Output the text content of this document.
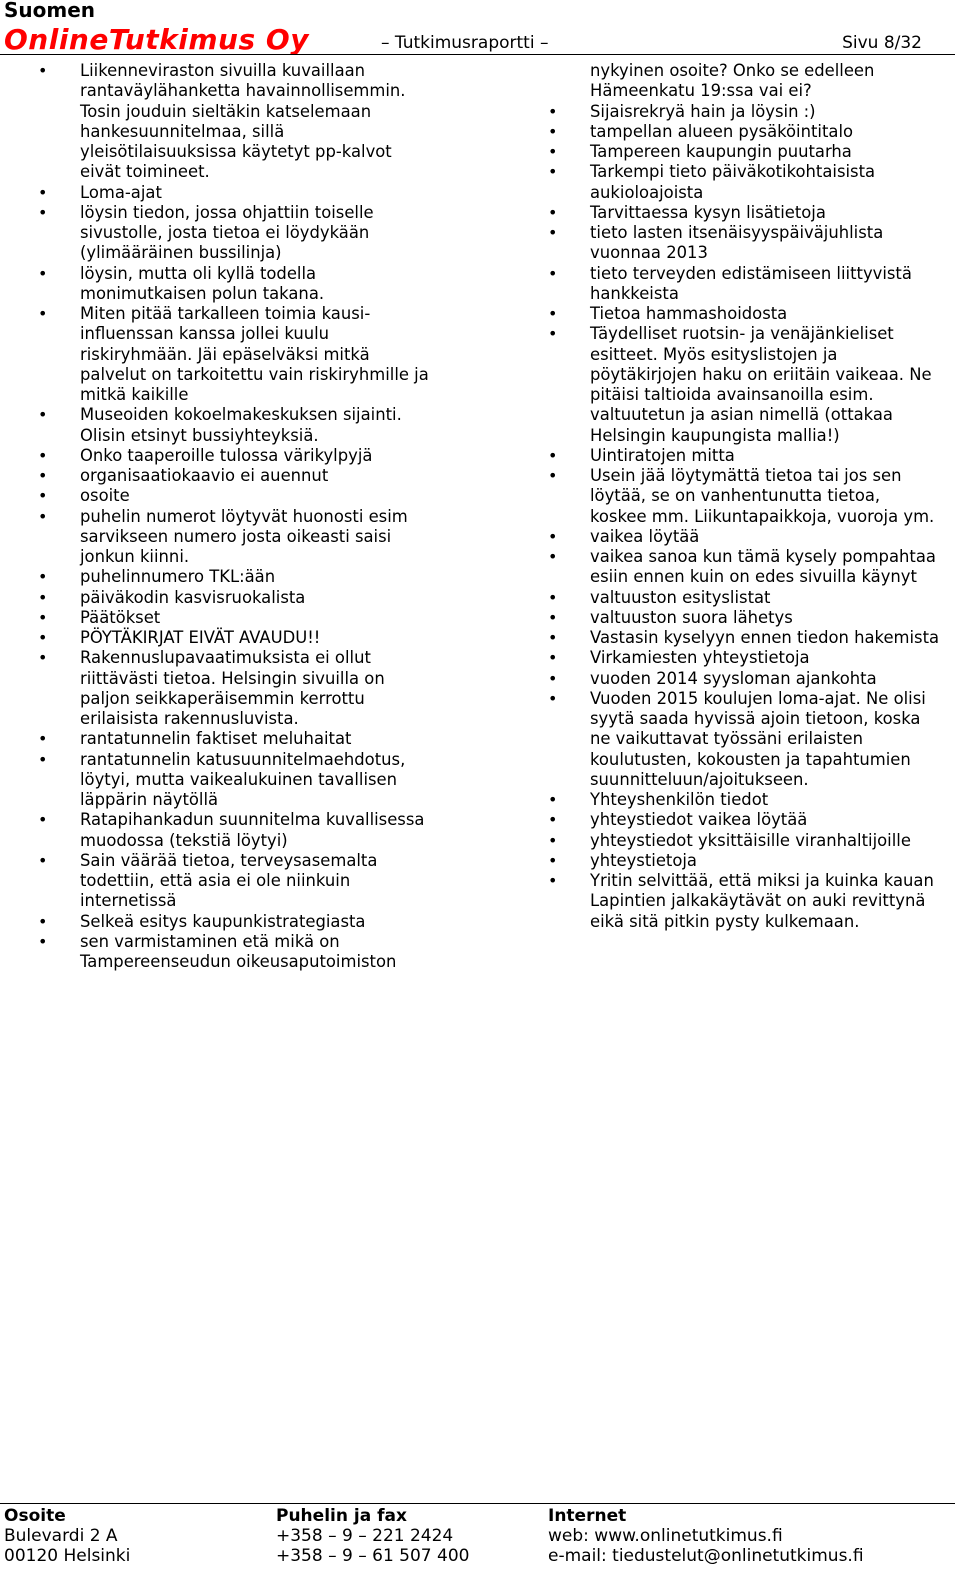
Suomen
OnlineTutkimus Oy	– Tutkimusraportti –	Sivu 8/32
• Liikenneviraston sivuilla kuvaillaan
rantaväylähanketta havainnollisemmin.
Tosin jouduin sieltäkin katselemaan
hankesuunnitelmaa, sillä
yleisötilaisuuksissa käytetyt pp-kalvot
eivät toimineet.
• Loma-ajat
• löysin tiedon, jossa ohjattiin toiselle
sivustolle, josta tietoa ei löydykään
(ylimääräinen bussilinja)
• löysin, mutta oli kyllä todella
monimutkaisen polun takana.
• Miten pitää tarkalleen toimia kausi-
influenssan kanssa jollei kuulu
riskiryhmään. Jäi epäselväksi mitkä
palvelut on tarkoitettu vain riskiryhmille ja
mitkä kaikille
• Museoiden kokoelmakeskuksen sijainti.
Olisin etsinyt bussiyhteyksiä.
• Onko taaperoille tulossa värikylpyjä
• organisaatiokaavio ei auennut
• osoite
• puhelin numerot löytyvät huonosti esim
sarvikseen numero josta oikeasti saisi
jonkun kiinni.
• puhelinnumero TKL:ään
• päiväkodin kasvisruokalista
• Päätökset
• PÖYTÄKIRJAT EIVÄT AVAUDU!!
• Rakennuslupavaatimuksista ei ollut
riittävästi tietoa. Helsingin sivuilla on
paljon seikkaperäisemmin kerrottu
erilaisista rakennusluvista.
• rantatunnelin faktiset meluhaitat
• rantatunnelin katusuunnitelmaehdotus,
löytyi, mutta vaikealukuinen tavallisen
läppärin näytöllä
• Ratapihankadun suunnitelma kuvallisessa
muodossa (tekstiä löytyi)
• Sain väärää tietoa, terveysasemalta
todettiin, että asia ei ole niinkuin
internetissä
• Selkeä esitys kaupunkistrategiasta
• sen varmistaminen etä mikä on
Tampereenseudun oikeusaputoimiston
nykyinen osoite? Onko se edelleen
Hämeenkatu 19:ssa vai ei?
• Sijaisrekryä hain ja löysin :)
• tampellan alueen pysäköintitalo
• Tampereen kaupungin puutarha
• Tarkempi tieto päiväkotikohtaisista
aukioloajoista
• Tarvittaessa kysyn lisätietoja
• tieto lasten itsenäisyyspäiväjuhlista
vuonnaa 2013
• tieto terveyden edistämiseen liittyvistä
hankkeista
• Tietoa hammashoidosta
• Täydelliset ruotsin- ja venäjänkieliset
esitteet. Myös esityslistojen ja
pöytäkirjojen haku on eriitäin vaikeaa. Ne
pitäisi taltioida avainsanoilla esim.
valtuutetun ja asian nimellä (ottakaa
Helsingin kaupungista mallia!)
• Uintiratojen mitta
• Usein jää löytymättä tietoa tai jos sen
löytää, se on vanhentunutta tietoa,
koskee mm. Liikuntapaikkoja, vuoroja ym.
• vaikea löytää
• vaikea sanoa kun tämä kysely pompahtaa
esiin ennen kuin on edes sivuilla käynyt
• valtuuston esityslistat
• valtuuston suora lähetys
• Vastasin kyselyyn ennen tiedon hakemista
• Virkamiesten yhteystietoja
• vuoden 2014 syysloman ajankohta
• Vuoden 2015 koulujen loma-ajat. Ne olisi
syytä saada hyvissä ajoin tietoon, koska
ne vaikuttavat työssäni erilaisten
koulutusten, kokousten ja tapahtumien
suunnitteluun/ajoitukseen.
• Yhteyshenkilön tiedot
• yhteystiedot vaikea löytää
• yhteystiedot yksittäisille viranhaltijoille
• yhteystietoja
• Yritin selvittää, että miksi ja kuinka kauan
Lapintien jalkakäytävät on auki revittynä
eikä sitä pitkin pysty kulkemaan.
Osoite
Bulevardi 2 A
00120 Helsinki
Puhelin ja fax
+358 – 9 – 221 2424
+358 – 9 – 61 507 400
Internet
web: www.onlinetutkimus.fi
e-mail: tiedustelut@onlinetutkimus.fi
